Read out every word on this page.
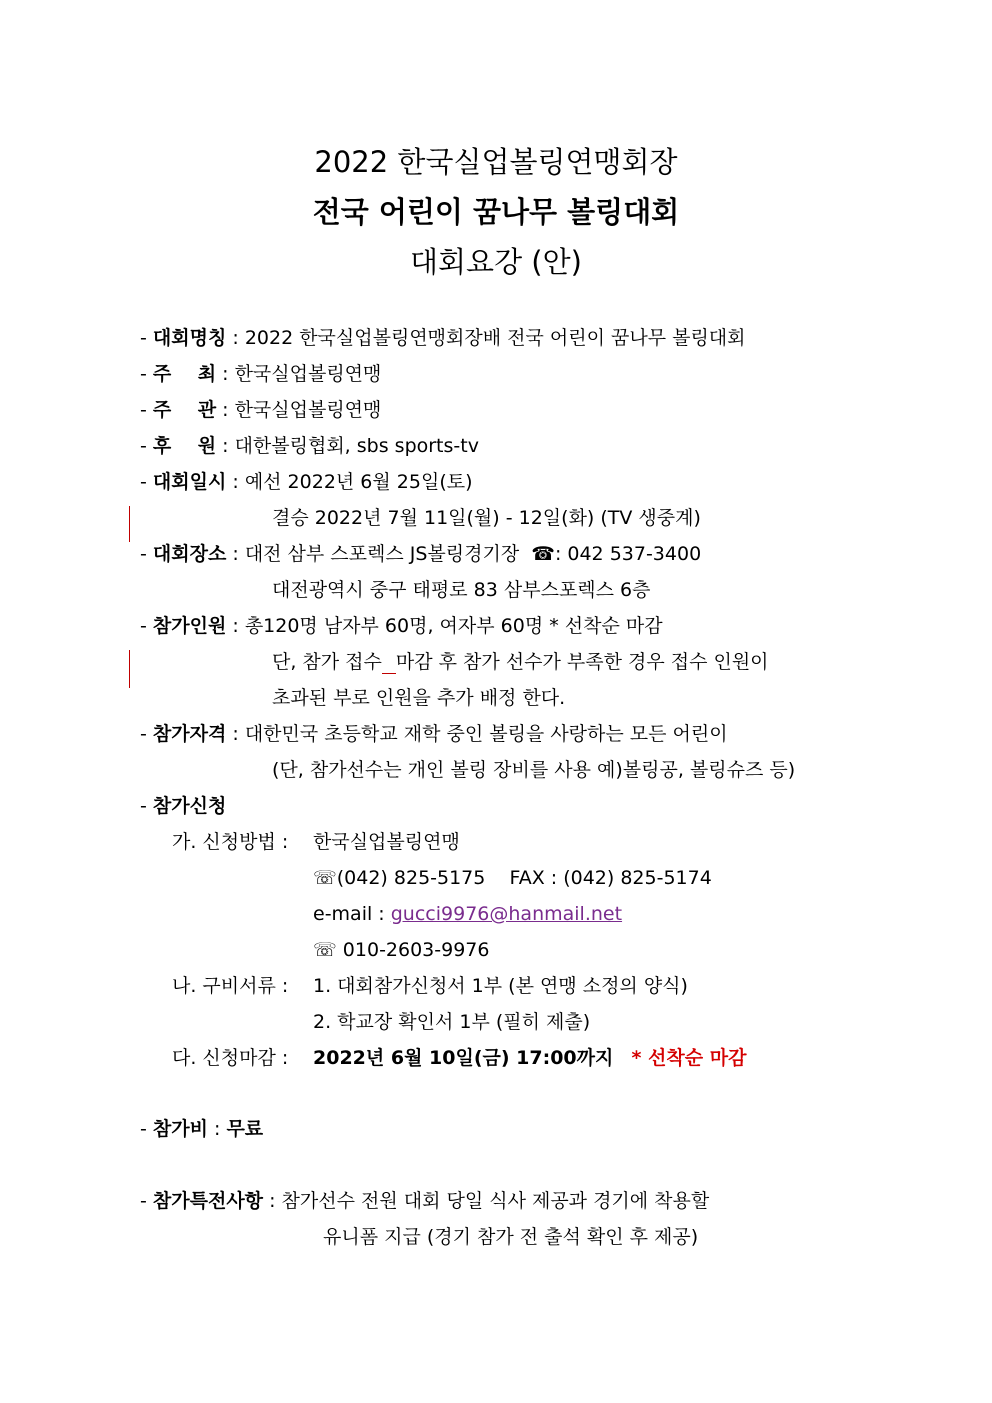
2022 한국실업볼링연맹회장
전국 어린이 꿈나무 볼링대회
대회요강 (안)
- 대회명칭 : 2022 한국실업볼링연맹회장배 전국 어린이 꿈나무 볼링대회
- 주    최 : 한국실업볼링연맹
- 주    관 : 한국실업볼링연맹
- 후    원 : 대한볼링협회, sbs sports-tv
- 대회일시 : 예선 2022년 6월 25일(토)
결승 2022년 7월 11일(월) - 12일(화) (TV 생중계)
- 대회장소 : 대전 삼부 스포렉스 JS볼링경기장  ☎: 042 537-3400
대전광역시 중구 태평로 83 삼부스포렉스 6층
- 참가인원 : 총120명 남자부 60명, 여자부 60명 * 선착순 마감
단, 참가 접수 마감 후 참가 선수가 부족한 경우 접수 인원이
초과된 부로 인원을 추가 배정 한다.
- 참가자격 : 대한민국 초등학교 재학 중인 볼링을 사랑하는 모든 어린이
(단, 참가선수는 개인 볼링 장비를 사용 예)볼링공, 볼링슈즈 등)
- 참가신청
가. 신청방법 : 한국실업볼링연맹
☏(042) 825-5175    FAX : (042) 825-5174
e-mail : gucci9976@hanmail.net
☏ 010-2603-9976
나. 구비서류 : 1. 대회참가신청서 1부 (본 연맹 소정의 양식)
2. 학교장 확인서 1부 (필히 제출)
다. 신청마감 : 2022년 6월 10일(금) 17:00까지 * 선착순 마감
- 참가비 : 무료
- 참가특전사항 : 참가선수 전원 대회 당일 식사 제공과 경기에 착용할
유니폼 지급 (경기 참가 전 출석 확인 후 제공)
